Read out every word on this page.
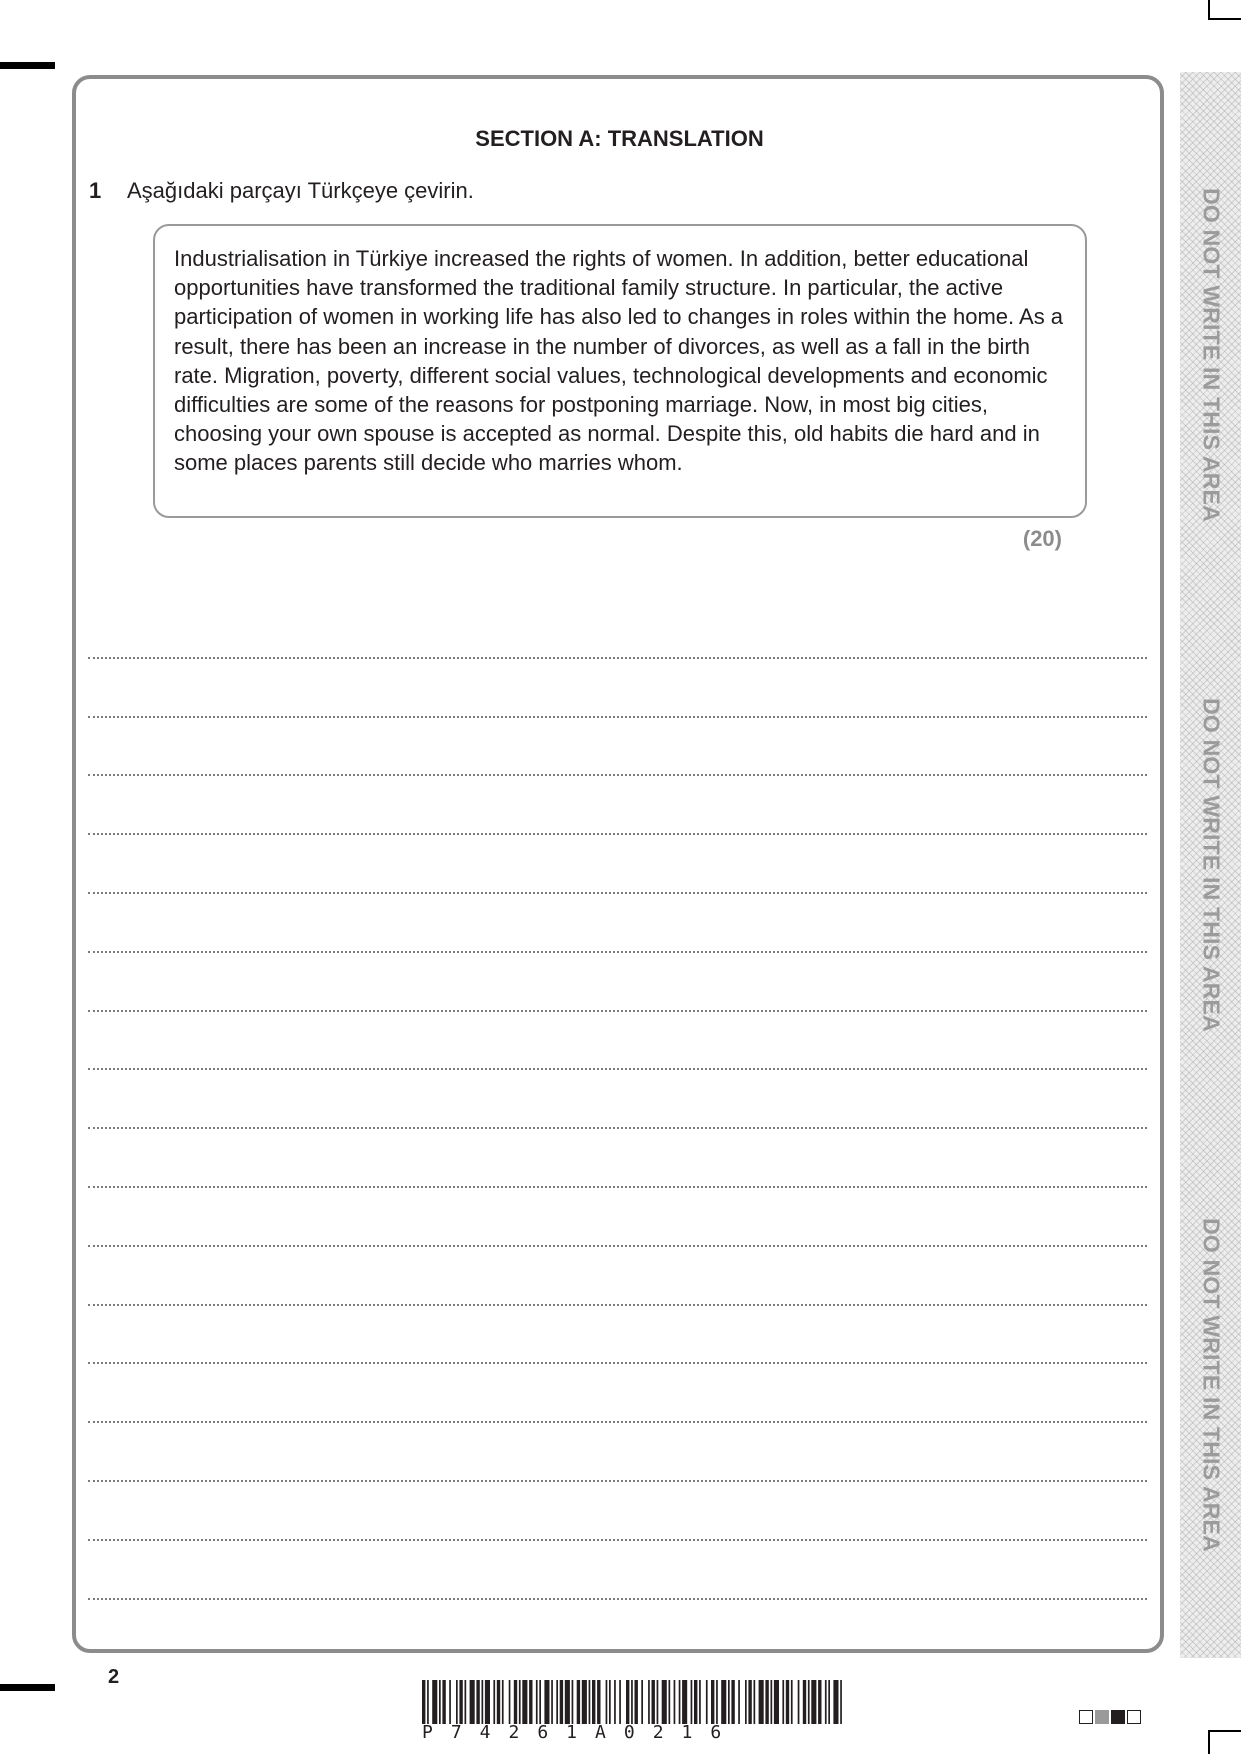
SECTION A: TRANSLATION
1 Aşağıdaki parçayı Türkçeye çevirin.

Industrialisation in Türkiye increased the rights of women. In addition, better educational opportunities have transformed the traditional family structure. In particular, the active participation of women in working life has also led to changes in roles within the home. As a result, there has been an increase in the number of divorces, as well as a fall in the birth rate. Migration, poverty, different social values, technological developments and economic difficulties are some of the reasons for postponing marriage. Now, in most big cities, choosing your own spouse is accepted as normal. Despite this, old habits die hard and in some places parents still decide who marries whom.

(20)
DO NOT WRITE IN THIS AREA
DO NOT WRITE IN THIS AREA
DO NOT WRITE IN THIS AREA
2
P74261A0216
